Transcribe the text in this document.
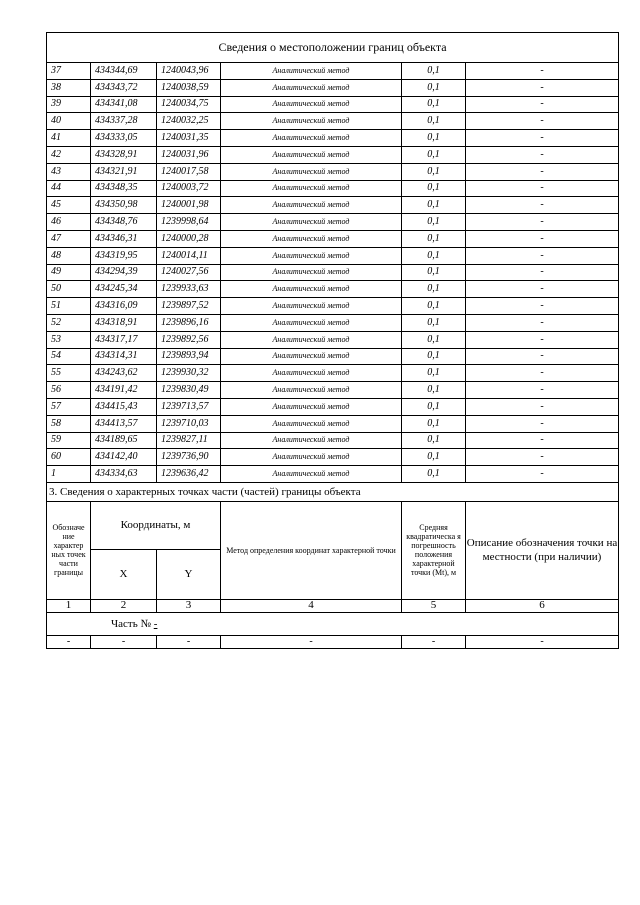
Сведения о местоположении границ объекта					
37	434344,69	1240043,96	Аналитический метод	0,1	-
38	434343,72	1240038,59	Аналитический метод	0,1	-
39	434341,08	1240034,75	Аналитический метод	0,1	-
40	434337,28	1240032,25	Аналитический метод	0,1	-
41	434333,05	1240031,35	Аналитический метод	0,1	-
42	434328,91	1240031,96	Аналитический метод	0,1	-
43	434321,91	1240017,58	Аналитический метод	0,1	-
44	434348,35	1240003,72	Аналитический метод	0,1	-
45	434350,98	1240001,98	Аналитический метод	0,1	-
46	434348,76	1239998,64	Аналитический метод	0,1	-
47	434346,31	1240000,28	Аналитический метод	0,1	-
48	434319,95	1240014,11	Аналитический метод	0,1	-
49	434294,39	1240027,56	Аналитический метод	0,1	-
50	434245,34	1239933,63	Аналитический метод	0,1	-
51	434316,09	1239897,52	Аналитический метод	0,1	-
52	434318,91	1239896,16	Аналитический метод	0,1	-
53	434317,17	1239892,56	Аналитический метод	0,1	-
54	434314,31	1239893,94	Аналитический метод	0,1	-
55	434243,62	1239930,32	Аналитический метод	0,1	-
56	434191,42	1239830,49	Аналитический метод	0,1	-
57	434415,43	1239713,57	Аналитический метод	0,1	-
58	434413,57	1239710,03	Аналитический метод	0,1	-
59	434189,65	1239827,11	Аналитический метод	0,1	-
60	434142,40	1239736,90	Аналитический метод	0,1	-
1	434334,63	1239636,42	Аналитический метод	0,1	-
3. Сведения о характерных точках части (частей) границы объекта					
Обозначе ние характер ных точек части границы	Координаты, м		Метод определения координат характерной точки	Средняя квадратическа я погрешность положения характерной точки (Mt), м	Описание обозначения точки на местности (при наличии)
	X	Y			
1	2	3	4	5	6
Часть № -					
-	-	-	-	-	-
